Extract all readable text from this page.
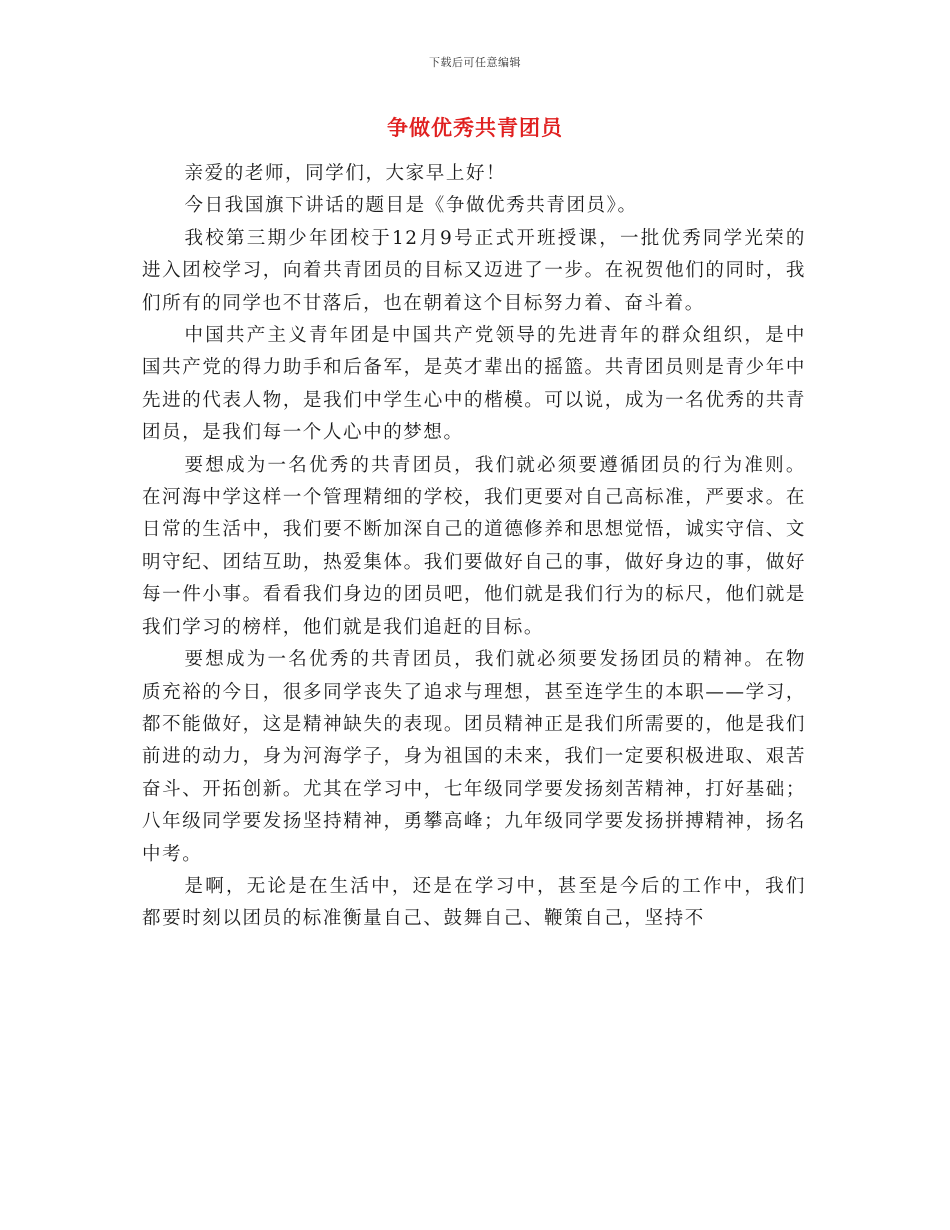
下载后可任意编辑
争做优秀共青团员

亲爱的老师，同学们，大家早上好！

今日我国旗下讲话的题目是《争做优秀共青团员》。

我校第三期少年团校于12月9号正式开班授课，一批优秀同学光荣的进入团校学习，向着共青团员的目标又迈进了一步。在祝贺他们的同时，我们所有的同学也不甘落后，也在朝着这个目标努力着、奋斗着。

中国共产主义青年团是中国共产党领导的先进青年的群众组织，是中国共产党的得力助手和后备军，是英才辈出的摇篮。共青团员则是青少年中先进的代表人物，是我们中学生心中的楷模。可以说，成为一名优秀的共青团员，是我们每一个人心中的梦想。

要想成为一名优秀的共青团员，我们就必须要遵循团员的行为准则。在河海中学这样一个管理精细的学校，我们更要对自己高标准，严要求。在日常的生活中，我们要不断加深自己的道德修养和思想觉悟，诚实守信、文明守纪、团结互助，热爱集体。我们要做好自己的事，做好身边的事，做好每一件小事。看看我们身边的团员吧，他们就是我们行为的标尺，他们就是我们学习的榜样，他们就是我们追赶的目标。

要想成为一名优秀的共青团员，我们就必须要发扬团员的精神。在物质充裕的今日，很多同学丧失了追求与理想，甚至连学生的本职——学习，都不能做好，这是精神缺失的表现。团员精神正是我们所需要的，他是我们前进的动力，身为河海学子，身为祖国的未来，我们一定要积极进取、艰苦奋斗、开拓创新。尤其在学习中，七年级同学要发扬刻苦精神，打好基础；八年级同学要发扬坚持精神，勇攀高峰；九年级同学要发扬拼搏精神，扬名中考。

是啊，无论是在生活中，还是在学习中，甚至是今后的工作中，我们都要时刻以团员的标准衡量自己、鼓舞自己、鞭策自己，坚持不
